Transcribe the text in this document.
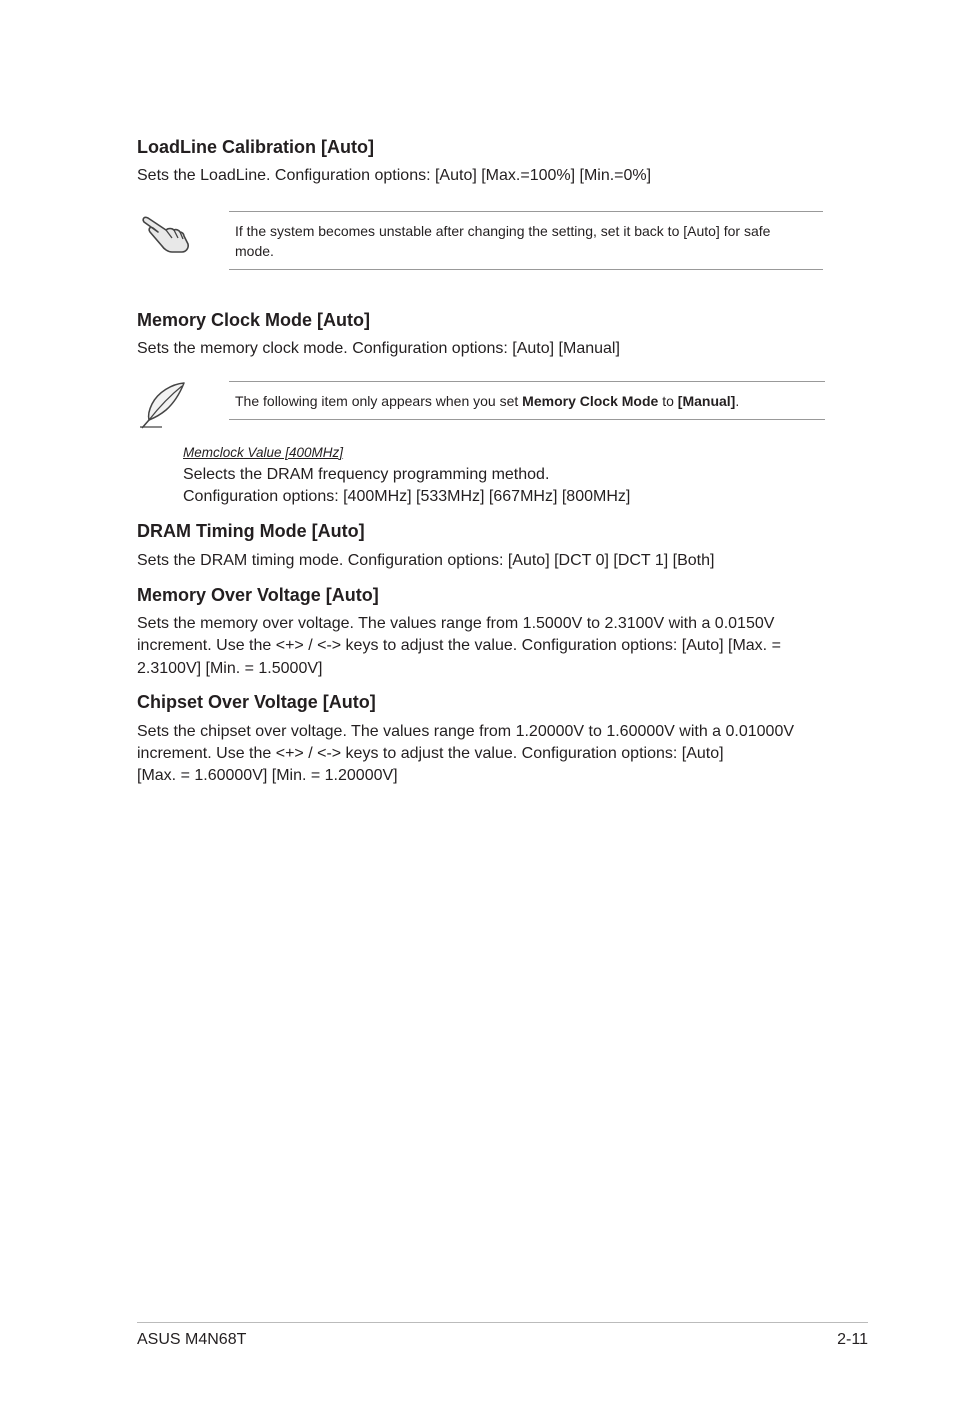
LoadLine Calibration [Auto]

Sets the LoadLine. Configuration options: [Auto] [Max.=100%] [Min.=0%]

If the system becomes unstable after changing the setting, set it back to [Auto] for safe

mode.

Memory Clock Mode [Auto]

Sets the memory clock mode. Configuration options: [Auto] [Manual]

The following item only appears when you set Memory Clock Mode to [Manual].

Memclock Value [400MHz]

Selects the DRAM frequency programming method.

Configuration options: [400MHz] [533MHz] [667MHz] [800MHz]

DRAM Timing Mode [Auto]

Sets the DRAM timing mode. Configuration options: [Auto] [DCT 0] [DCT 1] [Both]

Memory Over Voltage [Auto]

Sets the memory over voltage. The values range from 1.5000V to 2.3100V with a 0.0150V

increment. Use the <+> / <-> keys to adjust the value. Configuration options: [Auto] [Max. =

2.3100V] [Min. = 1.5000V]

Chipset Over Voltage [Auto]

Sets the chipset over voltage. The values range from 1.20000V to 1.60000V with a 0.01000V

increment. Use the <+> / <-> keys to adjust the value. Configuration options: [Auto]

[Max. = 1.60000V] [Min. = 1.20000V]

ASUS M4N68T	2-11
